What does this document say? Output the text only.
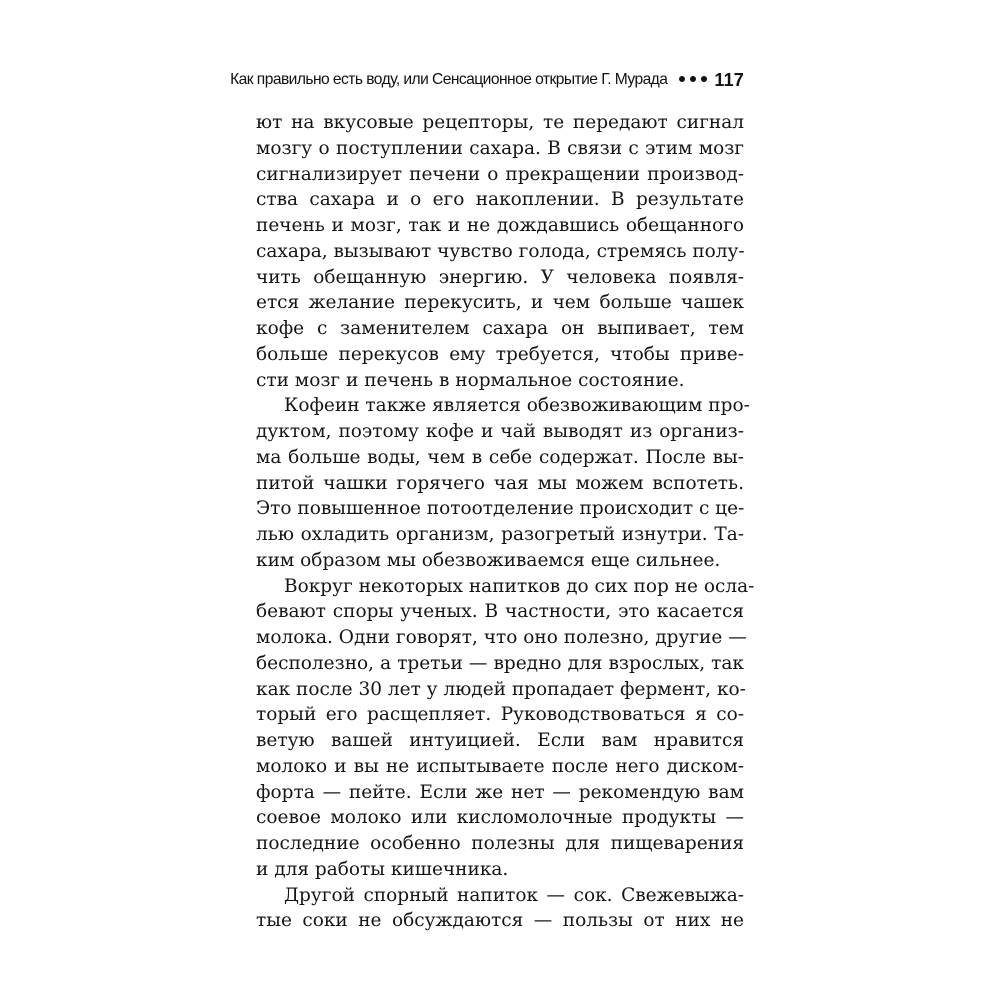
Как правильно есть воду, или Сенсационное открытие Г. Мурада	117
ют на вкусовые рецепторы, те передают сигнал
мозгу о поступлении сахара. В связи с этим мозг
сигнализирует печени о прекращении производ-
ства сахара и о его накоплении. В результате
печень и мозг, так и не дождавшись обещанного
сахара, вызывают чувство голода, стремясь полу-
чить обещанную энергию. У человека появля-
ется желание перекусить, и чем больше чашек
кофе с заменителем сахара он выпивает, тем
больше перекусов ему требуется, чтобы приве-
сти мозг и печень в нормальное состояние.
Кофеин также является обезвоживающим про-
дуктом, поэтому кофе и чай выводят из организ-
ма больше воды, чем в себе содержат. После вы-
питой чашки горячего чая мы можем вспотеть.
Это повышенное потоотделение происходит с це-
лью охладить организм, разогретый изнутри. Та-
ким образом мы обезвоживаемся еще сильнее.
Вокруг некоторых напитков до сих пор не осла-
бевают споры ученых. В частности, это касается
молока. Одни говорят, что оно полезно, другие —
бесполезно, а третьи — вредно для взрослых, так
как после 30 лет у людей пропадает фермент, ко-
торый его расщепляет. Руководствоваться я со-
ветую вашей интуицией. Если вам нравится
молоко и вы не испытываете после него диском-
форта — пейте. Если же нет — рекомендую вам
соевое молоко или кисломолочные продукты —
последние особенно полезны для пищеварения
и для работы кишечника.
Другой спорный напиток — сок. Свежевыжа-
тые соки не обсуждаются — пользы от них не
